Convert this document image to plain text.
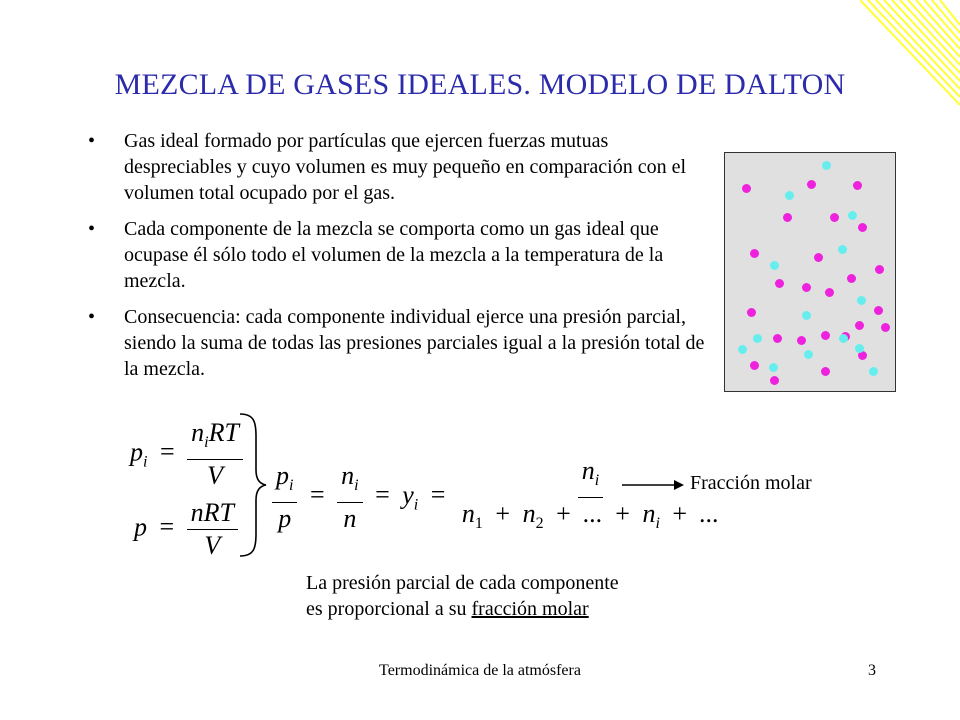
MEZCLA DE GASES IDEALES. MODELO DE DALTON
• Gas ideal formado por partículas que ejercen fuerzas mutuas despreciables y cuyo volumen es muy pequeño en comparación con el volumen total ocupado por el gas.
• Cada componente de la mezcla se comporta como un gas ideal que ocupase él sólo todo el volumen de la mezcla a la temperatura de la mezcla.
• Consecuencia: cada componente individual ejerce una presión parcial, siendo la suma de todas las presiones parciales igual a la presión total de la mezcla.
$p_i = \frac{n_iRT}{V}$
$p = \frac{\text{nRT}}{V} \frac{p_i}{p} = \frac{n_i}{n} = y_i$ =
$n_i$
$n_1 + n_2$ + ... + $n_i$ + ...
Fracción molar
La presión parcial de cada componente
es proporcional a su fracción molar
Termodinámica de la atmósfera	3
